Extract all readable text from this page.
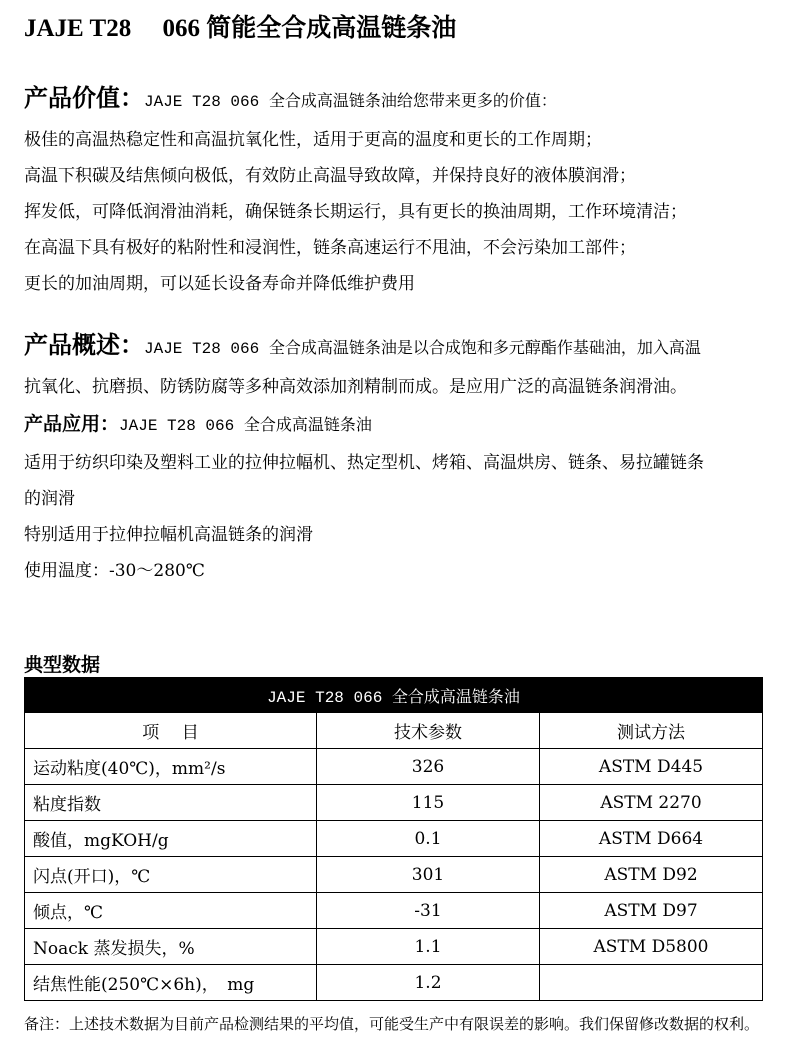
JAJE T28　 066 简能全合成高温链条油
产品价值：JAJE T28 066 全合成高温链条油给您带来更多的价值：
极佳的高温热稳定性和高温抗氧化性，适用于更高的温度和更长的工作周期；
高温下积碳及结焦倾向极低，有效防止高温导致故障，并保持良好的液体膜润滑；
挥发低，可降低润滑油消耗，确保链条长期运行，具有更长的换油周期，工作环境清洁；
在高温下具有极好的粘附性和浸润性，链条高速运行不甩油，不会污染加工部件；
更长的加油周期，可以延长设备寿命并降低维护费用
产品概述：JAJE T28 066 全合成高温链条油是以合成饱和多元醇酯作基础油，加入高温
抗氧化、抗磨损、防锈防腐等多种高效添加剂精制而成。是应用广泛的高温链条润滑油。
产品应用：JAJE T28 066 全合成高温链条油
适用于纺织印染及塑料工业的拉伸拉幅机、热定型机、烤箱、高温烘房、链条、易拉罐链条
的润滑
特别适用于拉伸拉幅机高温链条的润滑
使用温度：-30～280℃
典型数据
JAJE T28 066 全合成高温链条油		
项　 目	技术参数	测试方法
运动粘度(40℃)，mm²/s	326	ASTM D445
粘度指数	115	ASTM 2270
酸值，mgKOH/g	0.1	ASTM D664
闪点(开口)，℃	301	ASTM D92
倾点，℃	-31	ASTM D97
Noack 蒸发损失，%	1.1	ASTM D5800
结焦性能(250℃×6h)，　mg	1.2	
备注：上述技术数据为目前产品检测结果的平均值，可能受生产中有限误差的影响。我们保留修改数据的权利。
